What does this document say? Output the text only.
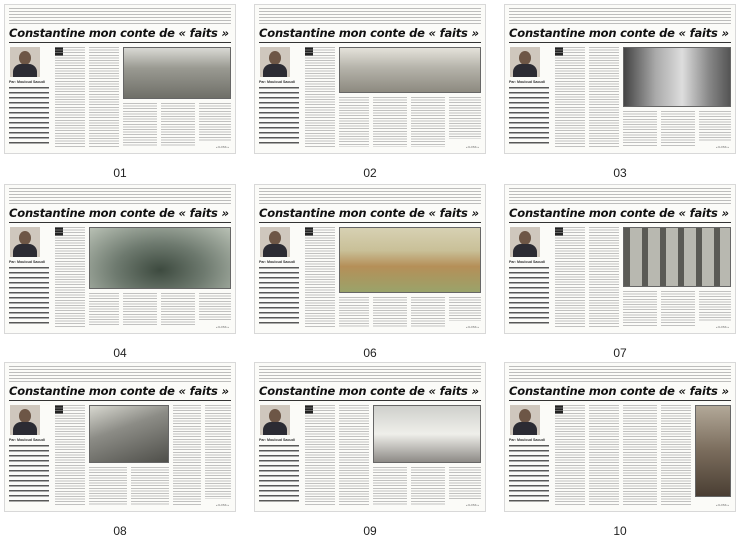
Constantine mon conte de « faits »
Par: Mouloud Saoudi
« ILYAS »
01
Constantine mon conte de « faits »
Par: Mouloud Saoudi
« ILYAS »
02
Constantine mon conte de « faits »
Par: Mouloud Saoudi
« ILYAS »
03
Constantine mon conte de « faits »
Par: Mouloud Saoudi
« ILYAS »
04
Constantine mon conte de « faits »
Par: Mouloud Saoudi
« ILYAS »
06
Constantine mon conte de « faits »
Par: Mouloud Saoudi
« ILYAS »
07
Constantine mon conte de « faits »
Par: Mouloud Saoudi
« ILYAS »
08
Constantine mon conte de « faits »
Par: Mouloud Saoudi
« ILYAS »
09
Constantine mon conte de « faits »
Par: Mouloud Saoudi
« ILYAS »
10
